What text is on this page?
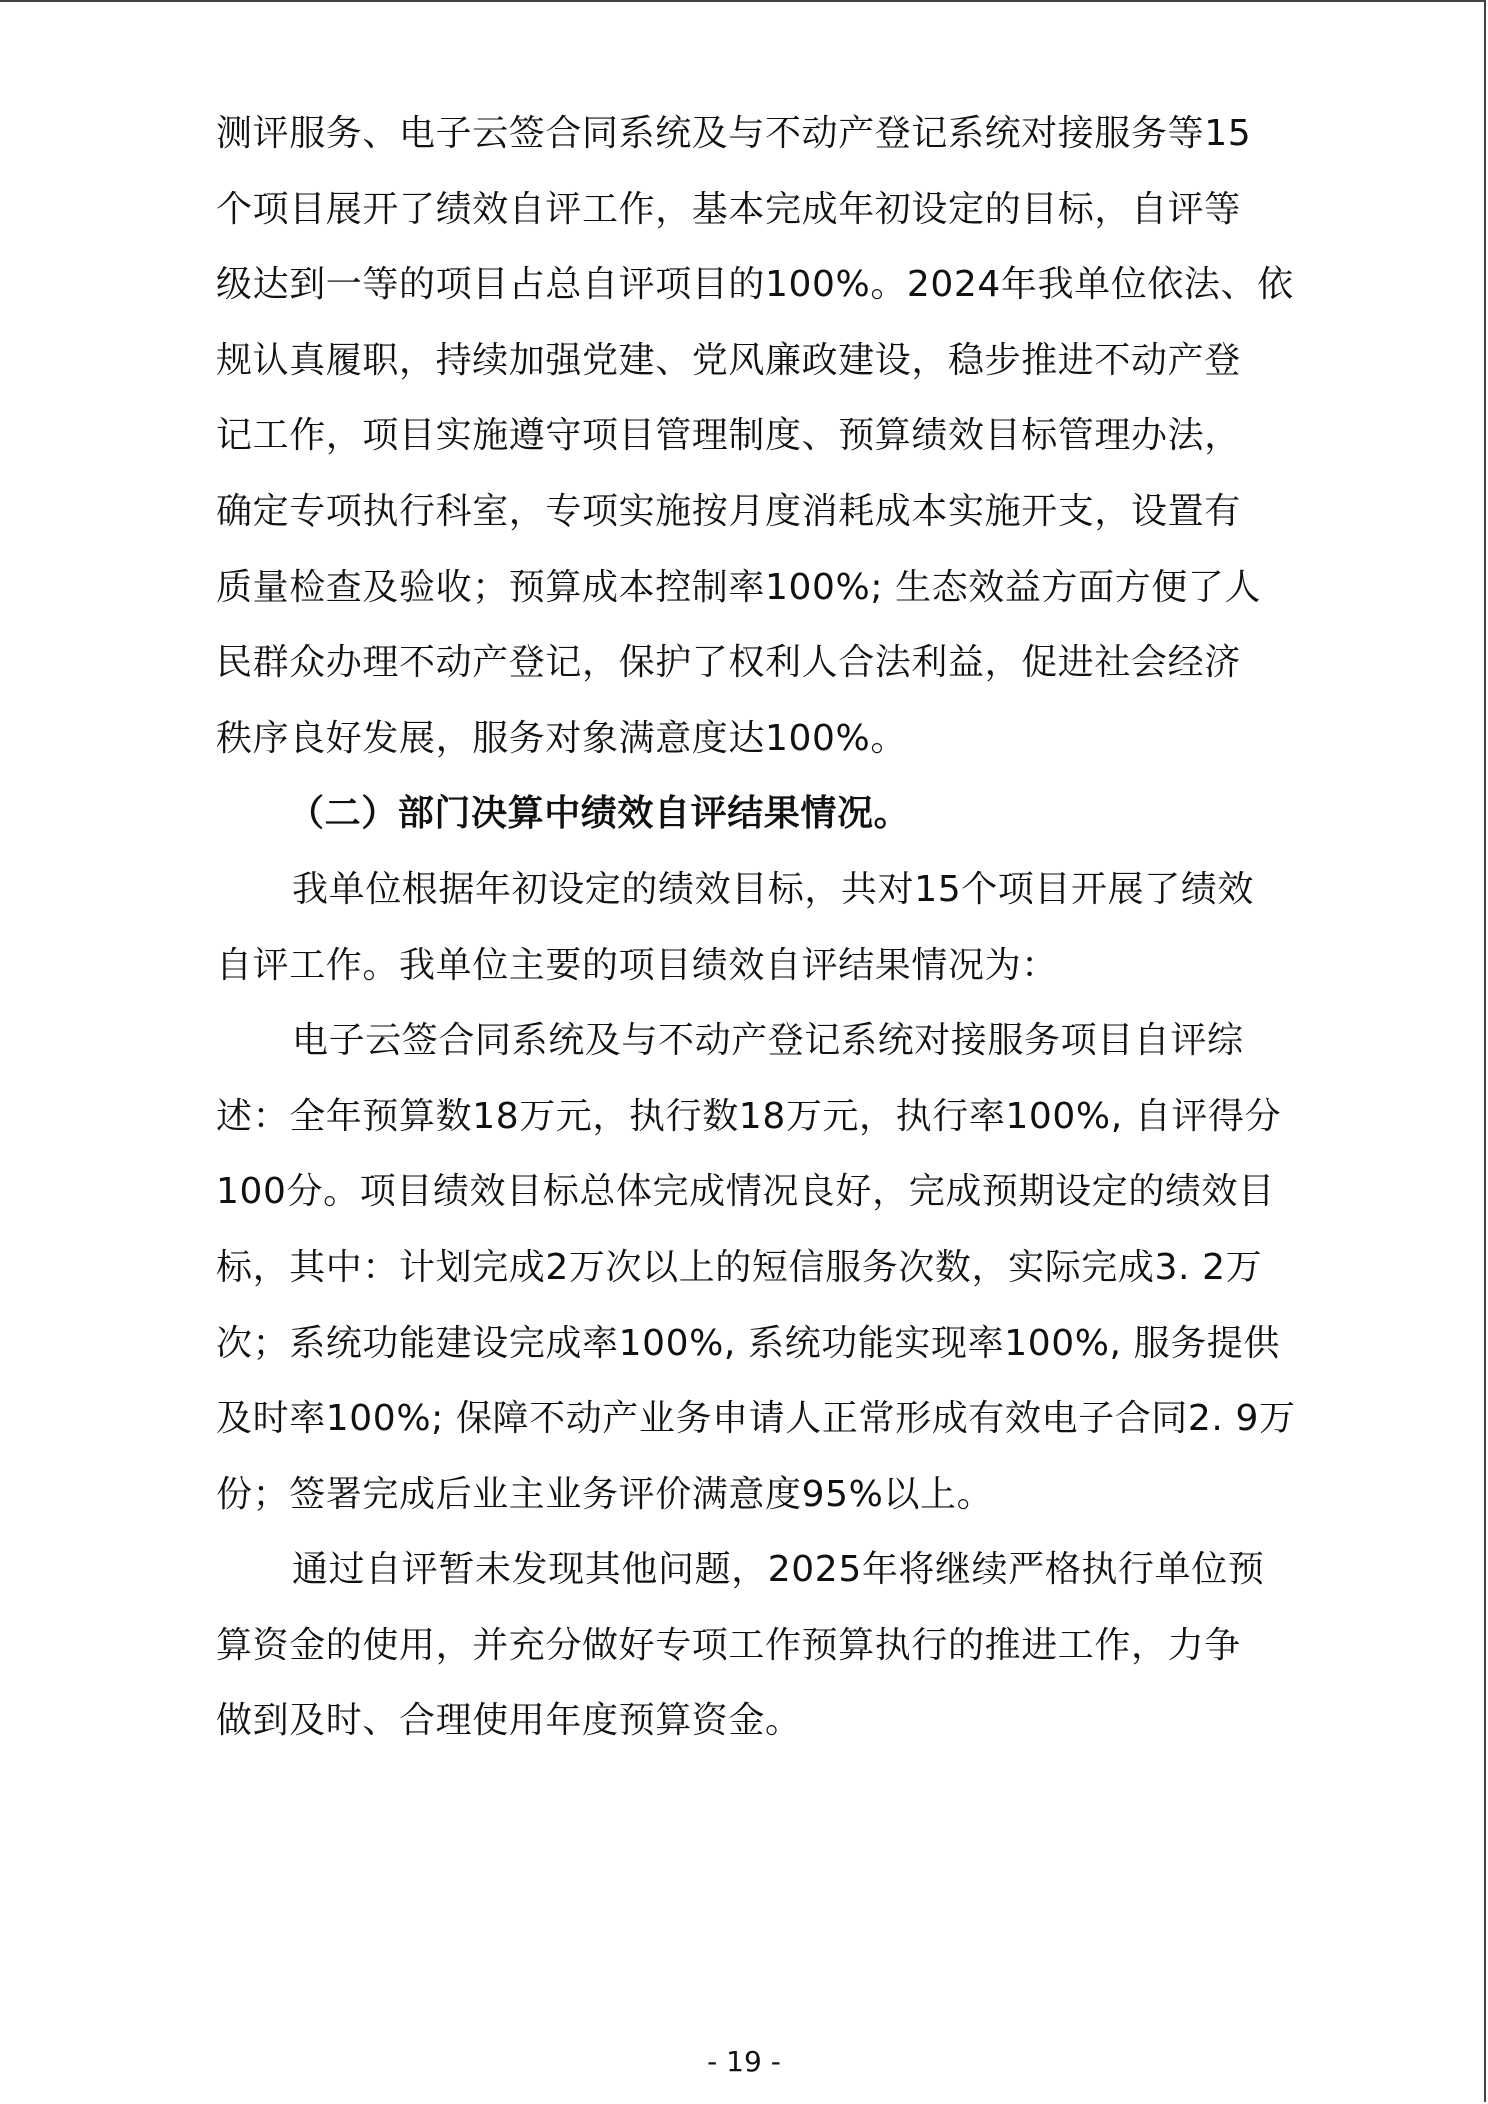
测评服务、电子云签合同系统及与不动产登记系统对接服务等15
个项目展开了绩效自评工作，基本完成年初设定的目标，自评等
级达到一等的项目占总自评项目的100%。2024年我单位依法、依
规认真履职，持续加强党建、党风廉政建设，稳步推进不动产登
记工作，项目实施遵守项目管理制度、预算绩效目标管理办法，
确定专项执行科室，专项实施按月度消耗成本实施开支，设置有
质量检查及验收；预算成本控制率100%; 生态效益方面方便了人
民群众办理不动产登记，保护了权利人合法利益，促进社会经济
秩序良好发展，服务对象满意度达100%。
（二）部门决算中绩效自评结果情况。
我单位根据年初设定的绩效目标，共对15个项目开展了绩效
自评工作。我单位主要的项目绩效自评结果情况为：
电子云签合同系统及与不动产登记系统对接服务项目自评综
述：全年预算数18万元，执行数18万元，执行率100%, 自评得分
100分。项目绩效目标总体完成情况良好，完成预期设定的绩效目
标，其中：计划完成2万次以上的短信服务次数，实际完成3. 2万
次；系统功能建设完成率100%, 系统功能实现率100%, 服务提供
及时率100%; 保障不动产业务申请人正常形成有效电子合同2. 9万
份；签署完成后业主业务评价满意度95%以上。
通过自评暂未发现其他问题，2025年将继续严格执行单位预
算资金的使用，并充分做好专项工作预算执行的推进工作，力争
做到及时、合理使用年度预算资金。
- 19 -
